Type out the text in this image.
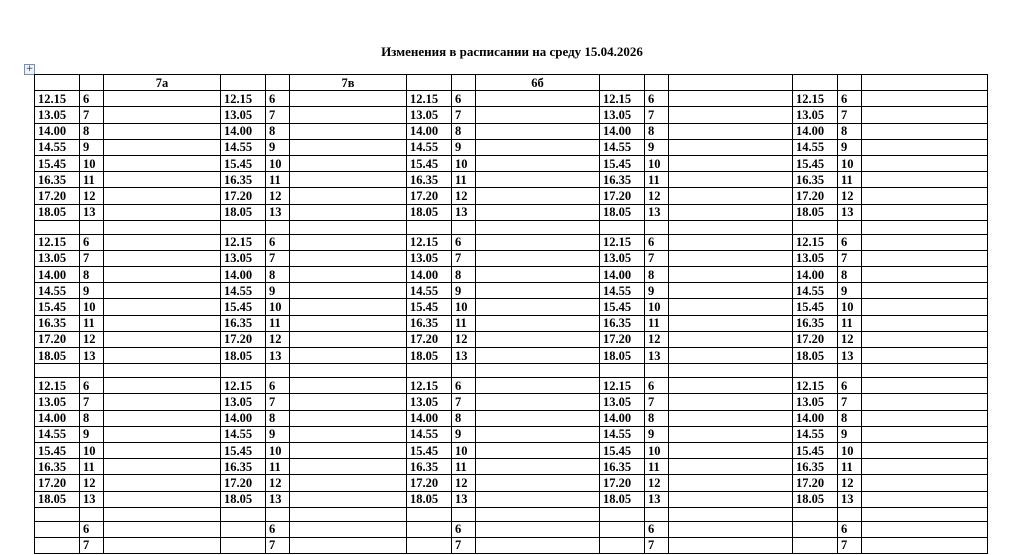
Изменения в расписании на среду 15.04.2026
+
		7а			7в			6б						
12.15	6		12.15	6		12.15	6		12.15	6		12.15	6	
13.05	7		13.05	7		13.05	7		13.05	7		13.05	7	
14.00	8		14.00	8		14.00	8		14.00	8		14.00	8	
14.55	9		14.55	9		14.55	9		14.55	9		14.55	9	
15.45	10		15.45	10		15.45	10		15.45	10		15.45	10	
16.35	11		16.35	11		16.35	11		16.35	11		16.35	11	
17.20	12		17.20	12		17.20	12		17.20	12		17.20	12	
18.05	13		18.05	13		18.05	13		18.05	13		18.05	13	

12.15	6		12.15	6		12.15	6		12.15	6		12.15	6	
13.05	7		13.05	7		13.05	7		13.05	7		13.05	7	
14.00	8		14.00	8		14.00	8		14.00	8		14.00	8	
14.55	9		14.55	9		14.55	9		14.55	9		14.55	9	
15.45	10		15.45	10		15.45	10		15.45	10		15.45	10	
16.35	11		16.35	11		16.35	11		16.35	11		16.35	11	
17.20	12		17.20	12		17.20	12		17.20	12		17.20	12	
18.05	13		18.05	13		18.05	13		18.05	13		18.05	13	

12.15	6		12.15	6		12.15	6		12.15	6		12.15	6	
13.05	7		13.05	7		13.05	7		13.05	7		13.05	7	
14.00	8		14.00	8		14.00	8		14.00	8		14.00	8	
14.55	9		14.55	9		14.55	9		14.55	9		14.55	9	
15.45	10		15.45	10		15.45	10		15.45	10		15.45	10	
16.35	11		16.35	11		16.35	11		16.35	11		16.35	11	
17.20	12		17.20	12		17.20	12		17.20	12		17.20	12	
18.05	13		18.05	13		18.05	13		18.05	13		18.05	13	

	6			6			6			6			6	
	7			7			7			7			7	
